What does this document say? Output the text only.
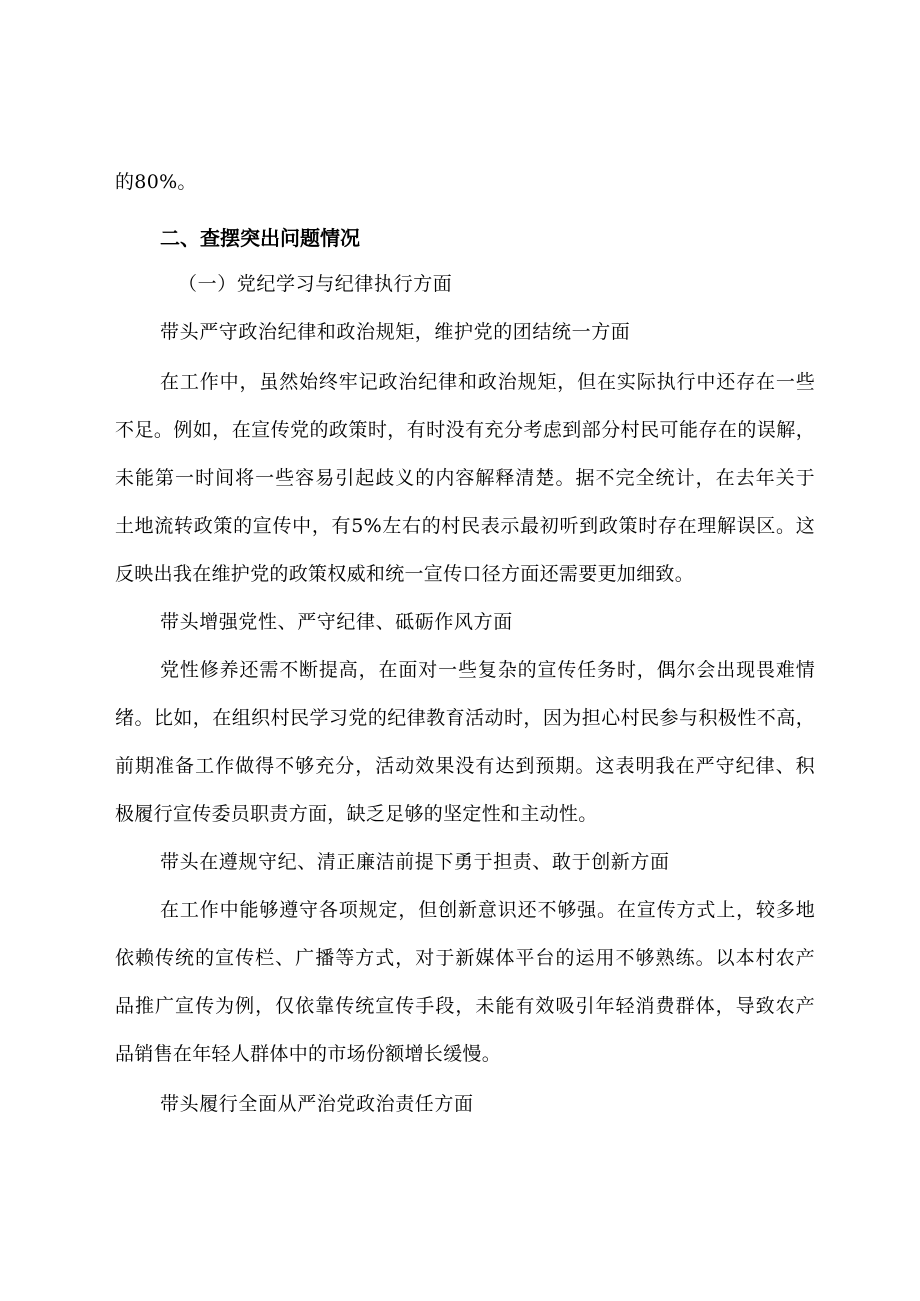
的80%。
二、查摆突出问题情况
（一）党纪学习与纪律执行方面
带头严守政治纪律和政治规矩，维护党的团结统一方面
在工作中，虽然始终牢记政治纪律和政治规矩，但在实际执行中还存在一些
不足。例如，在宣传党的政策时，有时没有充分考虑到部分村民可能存在的误解，
未能第一时间将一些容易引起歧义的内容解释清楚。据不完全统计，在去年关于
土地流转政策的宣传中，有5%左右的村民表示最初听到政策时存在理解误区。这
反映出我在维护党的政策权威和统一宣传口径方面还需要更加细致。
带头增强党性、严守纪律、砥砺作风方面
党性修养还需不断提高，在面对一些复杂的宣传任务时，偶尔会出现畏难情
绪。比如，在组织村民学习党的纪律教育活动时，因为担心村民参与积极性不高，
前期准备工作做得不够充分，活动效果没有达到预期。这表明我在严守纪律、积
极履行宣传委员职责方面，缺乏足够的坚定性和主动性。
带头在遵规守纪、清正廉洁前提下勇于担责、敢于创新方面
在工作中能够遵守各项规定，但创新意识还不够强。在宣传方式上，较多地
依赖传统的宣传栏、广播等方式，对于新媒体平台的运用不够熟练。以本村农产
品推广宣传为例，仅依靠传统宣传手段，未能有效吸引年轻消费群体，导致农产
品销售在年轻人群体中的市场份额增长缓慢。
带头履行全面从严治党政治责任方面
